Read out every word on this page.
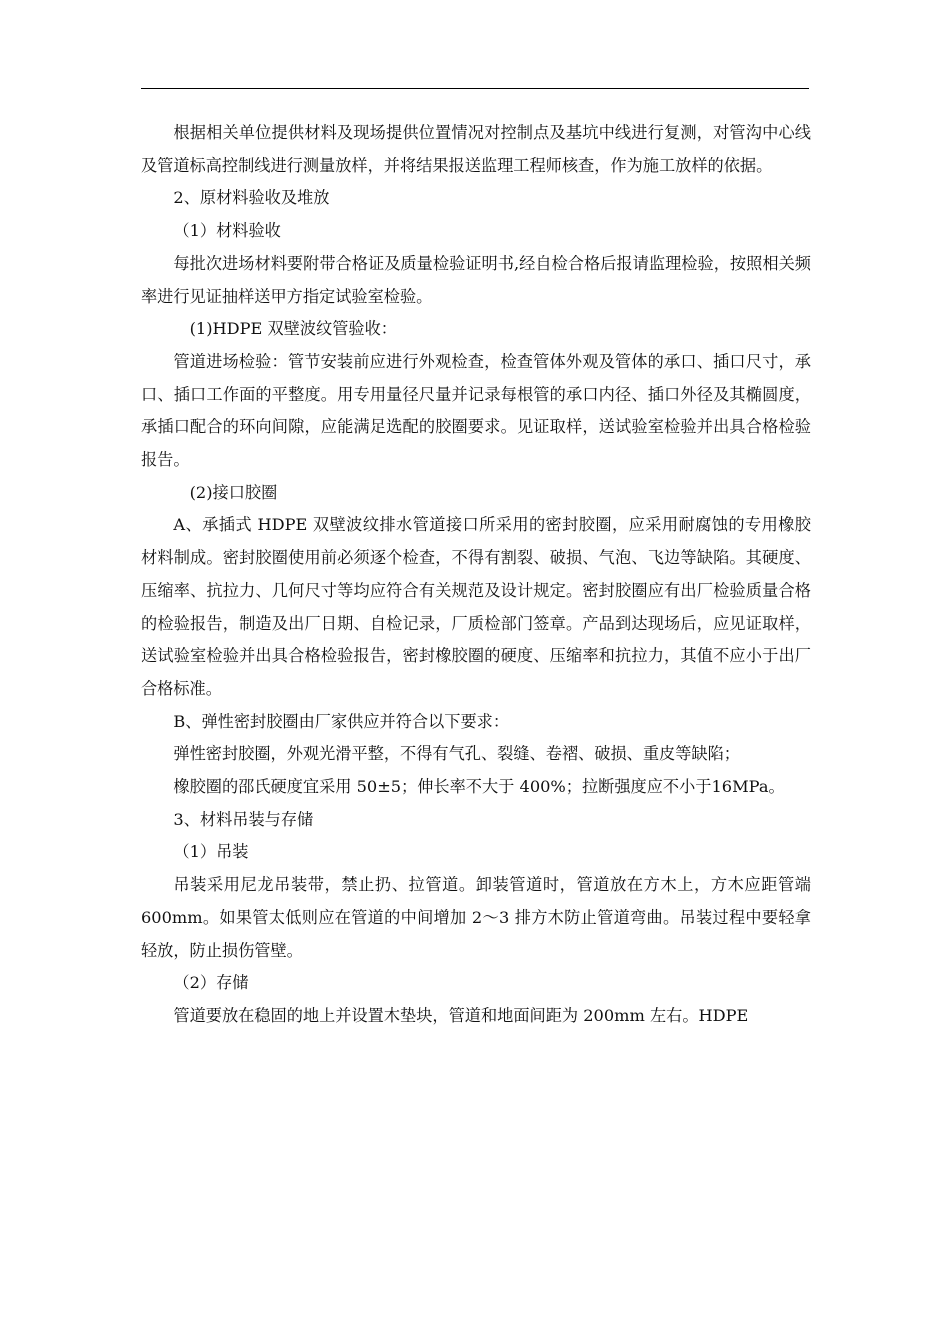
根据相关单位提供材料及现场提供位置情况对控制点及基坑中线进行复测，对管沟中心线及管道标高控制线进行测量放样，并将结果报送监理工程师核查，作为施工放样的依据。

2、原材料验收及堆放

（1）材料验收

每批次进场材料要附带合格证及质量检验证明书,经自检合格后报请监理检验，按照相关频率进行见证抽样送甲方指定试验室检验。

(1)HDPE 双壁波纹管验收：

管道进场检验：管节安装前应进行外观检查，检查管体外观及管体的承口、插口尺寸，承口、插口工作面的平整度。用专用量径尺量并记录每根管的承口内径、插口外径及其椭圆度，承插口配合的环向间隙，应能满足选配的胶圈要求。见证取样，送试验室检验并出具合格检验报告。

(2)接口胶圈

A、承插式 HDPE 双壁波纹排水管道接口所采用的密封胶圈，应采用耐腐蚀的专用橡胶材料制成。密封胶圈使用前必须逐个检查，不得有割裂、破损、气泡、飞边等缺陷。其硬度、压缩率、抗拉力、几何尺寸等均应符合有关规范及设计规定。密封胶圈应有出厂检验质量合格的检验报告，制造及出厂日期、自检记录，厂质检部门签章。产品到达现场后，应见证取样，送试验室检验并出具合格检验报告，密封橡胶圈的硬度、压缩率和抗拉力，其值不应小于出厂合格标准。

B、弹性密封胶圈由厂家供应并符合以下要求：

弹性密封胶圈，外观光滑平整，不得有气孔、裂缝、卷褶、破损、重皮等缺陷；

橡胶圈的邵氏硬度宜采用 50±5；伸长率不大于 400%；拉断强度应不小于16MPa。

3、材料吊装与存储

（1）吊装

吊装采用尼龙吊装带，禁止扔、拉管道。卸装管道时，管道放在方木上，方木应距管端 600mm。如果管太低则应在管道的中间增加 2～3 排方木防止管道弯曲。吊装过程中要轻拿轻放，防止损伤管壁。

（2）存储

管道要放在稳固的地上并设置木垫块，管道和地面间距为 200mm 左右。HDPE
